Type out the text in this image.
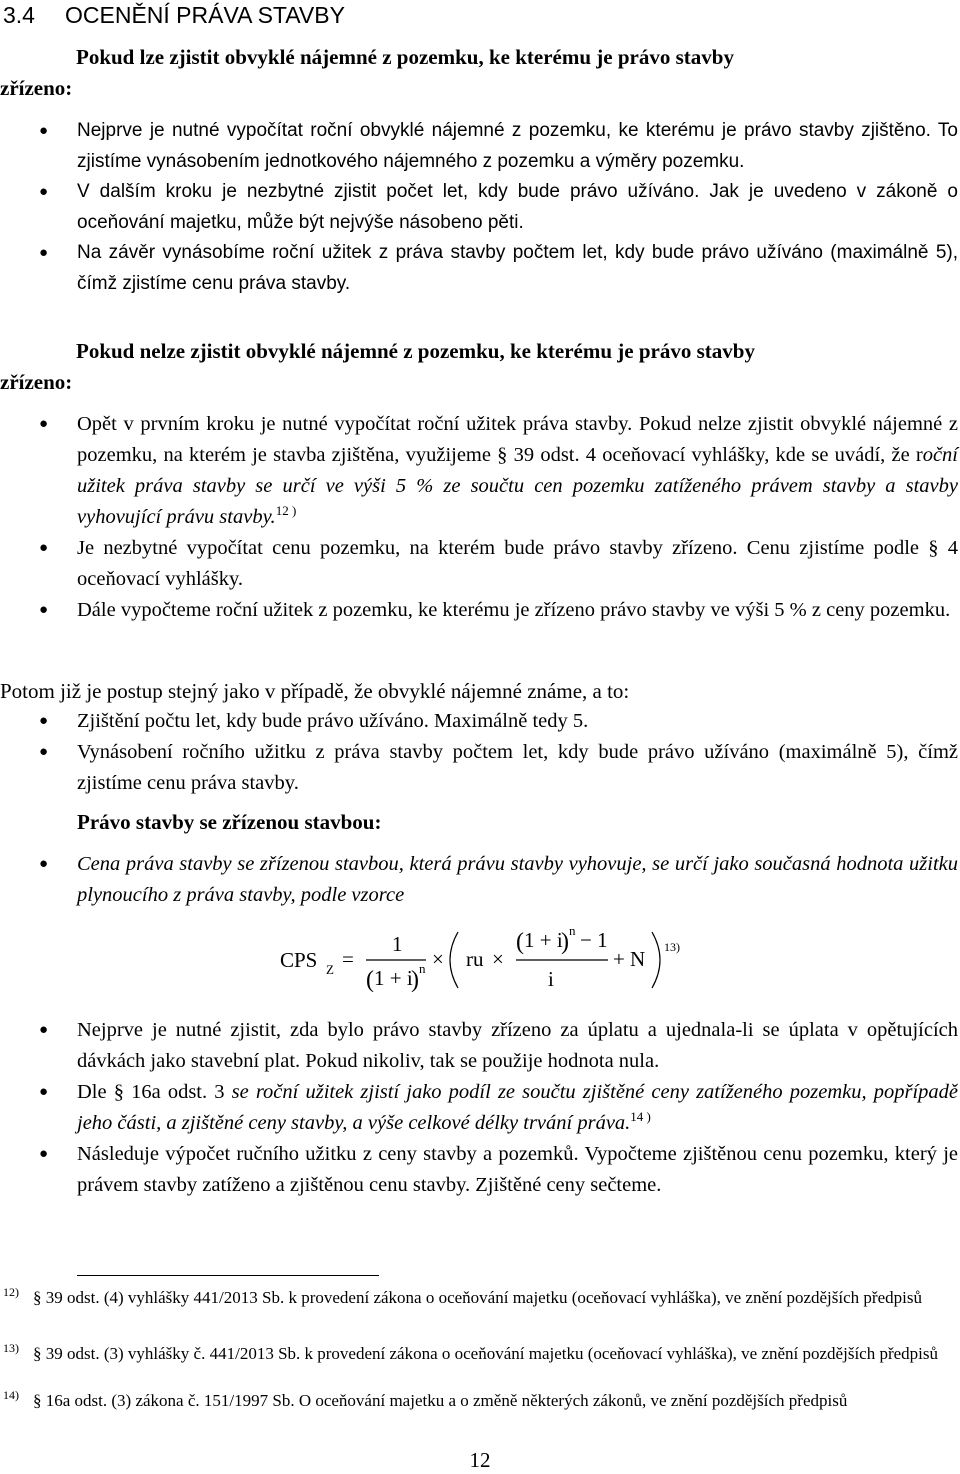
3.4 OCENĚNÍ PRÁVA STAVBY
Pokud lze zjistit obvyklé nájemné z pozemku, ke kterému je právo stavby
zřízeno:
● Nejprve je nutné vypočítat roční obvyklé nájemné z pozemku, ke kterému je právo stavby zjištěno. To zjistíme vynásobením jednotkového nájemného z pozemku a výměry pozemku.

● V dalším kroku je nezbytné zjistit počet let, kdy bude právo užíváno. Jak je uvedeno v zákoně o oceňování majetku, může být nejvýše násobeno pěti.

● Na závěr vynásobíme roční užitek z práva stavby počtem let, kdy bude právo užíváno (maximálně 5), čímž zjistíme cenu práva stavby.

Pokud nelze zjistit obvyklé nájemné z pozemku, ke kterému je právo stavby
zřízeno:
● Opět v prvním kroku je nutné vypočítat roční užitek práva stavby. Pokud nelze zjistit obvyklé nájemné z pozemku, na kterém je stavba zjištěna, využijeme § 39 odst. 4 oceňovací vyhlášky, kde se uvádí, že roční užitek práva stavby se určí ve výši 5 % ze součtu cen pozemku zatíženého právem stavby a stavby vyhovující právu stavby.$^{12 )}$

● Je nezbytné vypočítat cenu pozemku, na kterém bude právo stavby zřízeno. Cenu zjistíme podle § 4 oceňovací vyhlášky.

● Dále vypočteme roční užitek z pozemku, ke kterému je zřízeno právo stavby ve výši 5 % z ceny pozemku.

Potom již je postup stejný jako v případě, že obvyklé nájemné známe, a to:
● Zjištění počtu let, kdy bude právo užíváno. Maximálně tedy 5.

● Vynásobení ročního užitku z práva stavby počtem let, kdy bude právo užíváno (maximálně 5), čímž zjistíme cenu práva stavby.

Právo stavby se zřízenou stavbou:
● Cena práva stavby se zřízenou stavbou, která právu stavby vyhovuje, se určí jako současná hodnota užitku plynoucího z práva stavby, podle vzorce

CPS Z =
1
( 1 + i
) n × ru ×
( 1 + i
) n − 1
i
+ N 13)
● Nejprve je nutné zjistit, zda bylo právo stavby zřízeno za úplatu a ujednala-li se úplata v opětujících dávkách jako stavební plat. Pokud nikoliv, tak se použije hodnota nula.

● Dle § 16a odst. 3 se roční užitek zjistí jako podíl ze součtu zjištěné ceny zatíženého pozemku, popřípadě jeho části, a zjištěné ceny stavby, a výše celkové délky trvání práva.$^{14 )}$

● Následuje výpočet ručního užitku z ceny stavby a pozemků. Vypočteme zjištěnou cenu pozemku, který je právem stavby zatíženo a zjištěnou cenu stavby. Zjištěné ceny sečteme.

$^{12)}$ § 39 odst. (4) vyhlášky 441/2013 Sb. k provedení zákona o oceňování majetku (oceňovací vyhláška), ve znění pozdějších předpisů
$^{13)}$ § 39 odst. (3) vyhlášky č. 441/2013 Sb. k provedení zákona o oceňování majetku (oceňovací vyhláška), ve znění pozdějších předpisů
$^{14)}$ § 16a odst. (3) zákona č. 151/1997 Sb. O oceňování majetku a o změně některých zákonů, ve znění pozdějších předpisů
12
